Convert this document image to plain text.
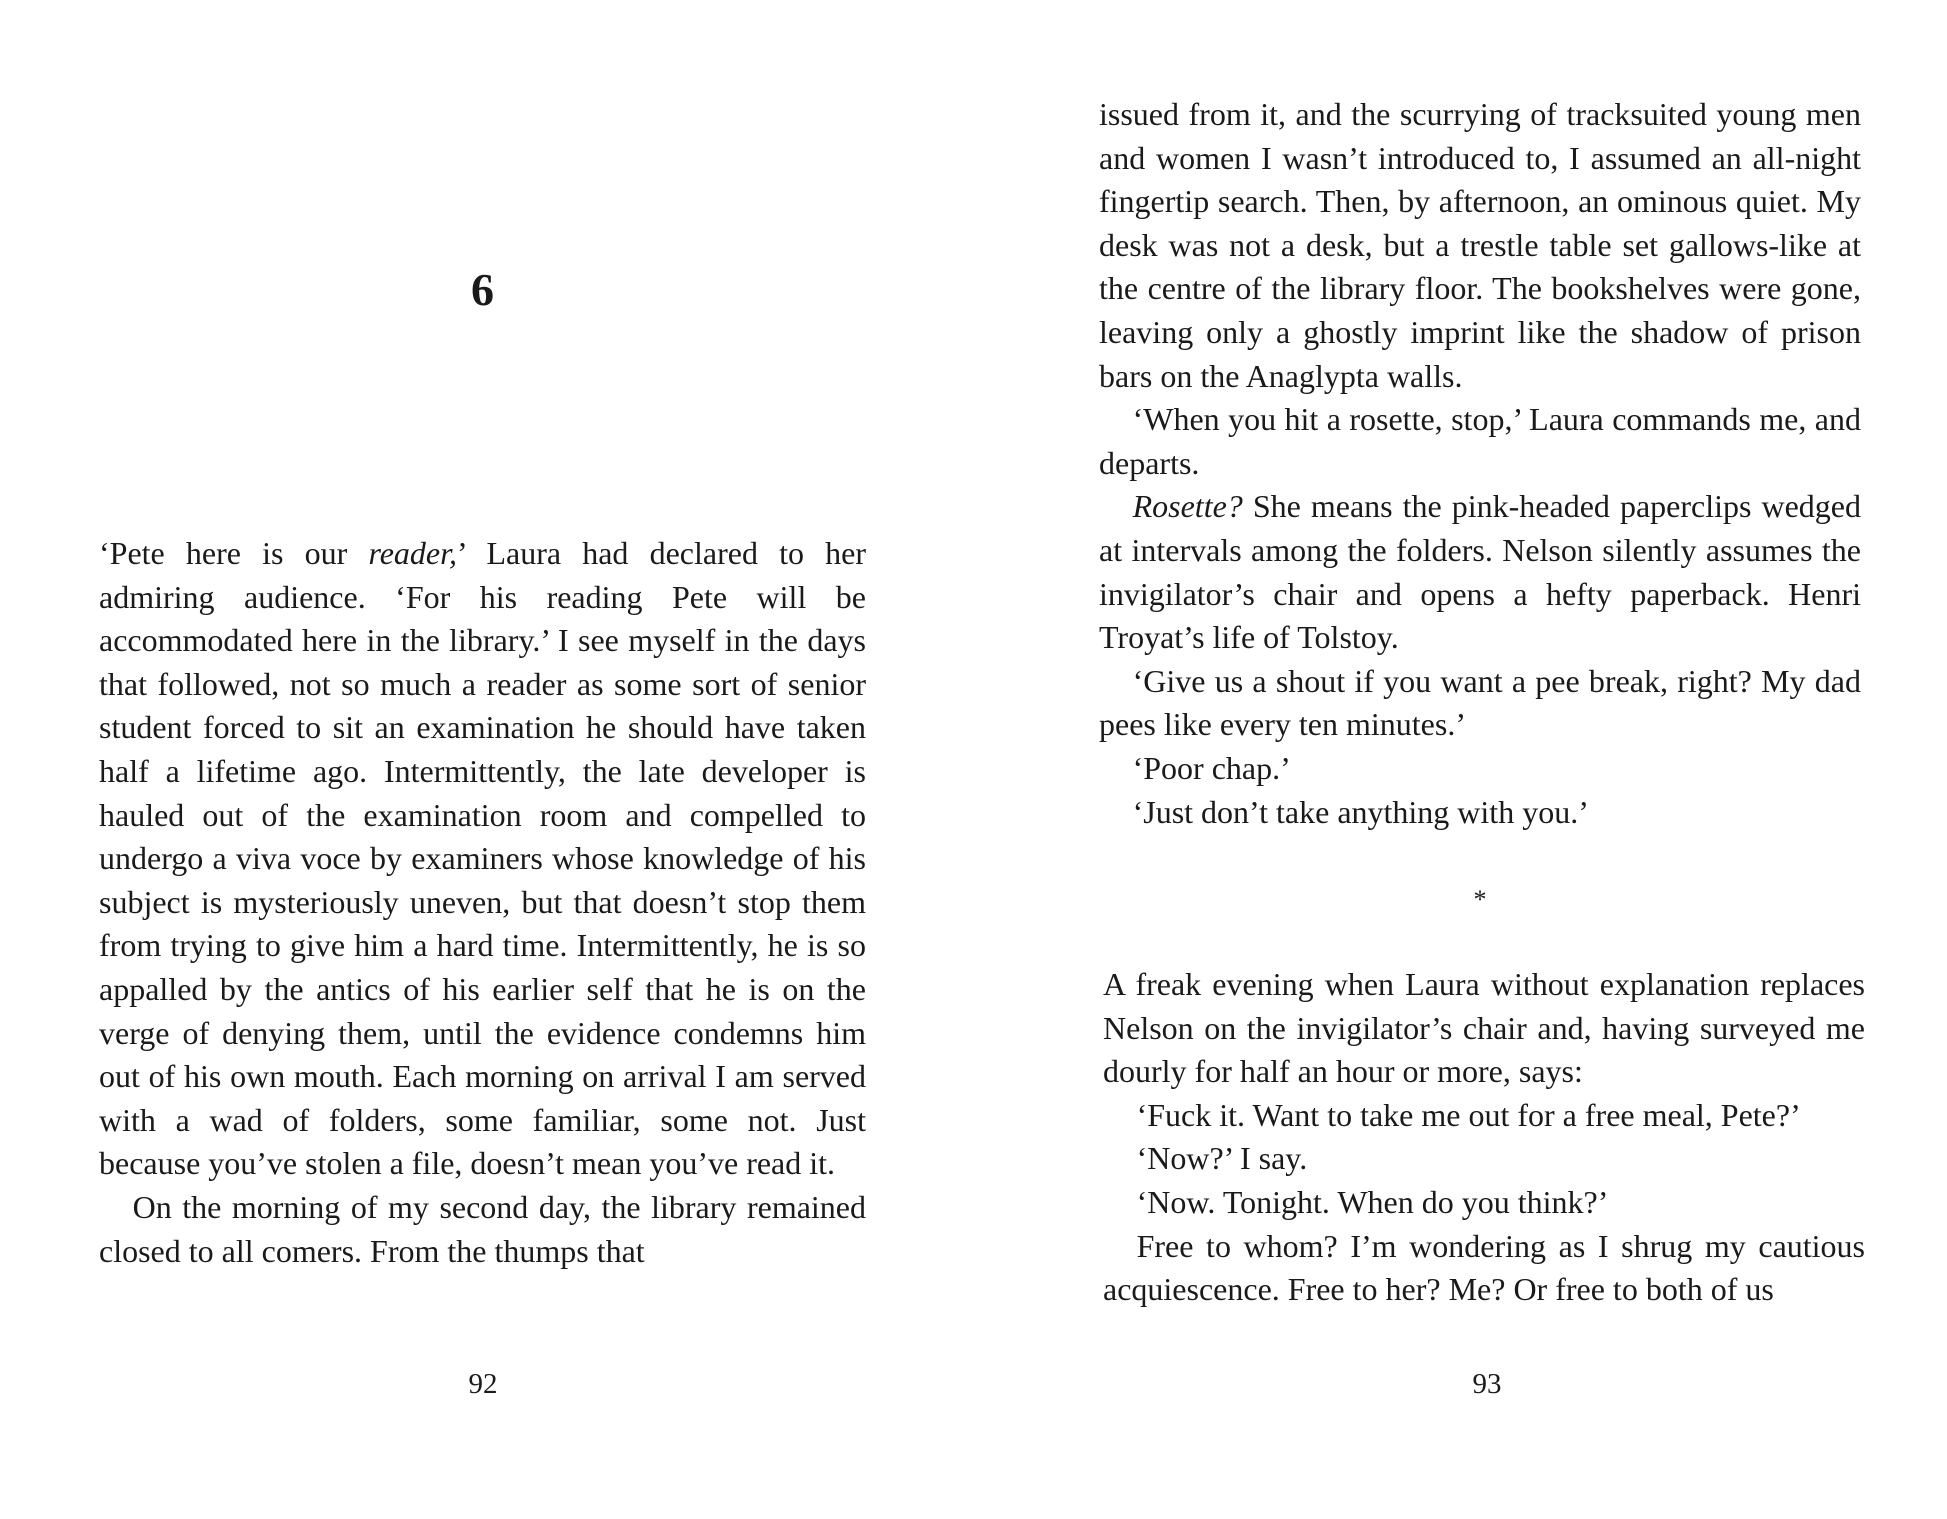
6

‘Pete here is our reader,’ Laura had declared to her admiring audience. ‘For his reading Pete will be accommodated here in the library.’ I see myself in the days that followed, not so much a reader as some sort of senior student forced to sit an examination he should have taken half a lifetime ago. Intermittently, the late developer is hauled out of the examination room and compelled to undergo a viva voce by examiners whose knowledge of his subject is mysteriously uneven, but that doesn’t stop them from trying to give him a hard time. Intermittently, he is so appalled by the antics of his earlier self that he is on the verge of denying them, until the evidence condemns him out of his own mouth. Each morning on arrival I am served with a wad of folders, some familiar, some not. Just because you’ve stolen a file, doesn’t mean you’ve read it.

On the morning of my second day, the library remained closed to all comers. From the thumps that

92

issued from it, and the scurrying of tracksuited young men and women I wasn’t introduced to, I assumed an all-night fingertip search. Then, by afternoon, an ominous quiet. My desk was not a desk, but a trestle table set gallows-like at the centre of the library floor. The bookshelves were gone, leaving only a ghostly imprint like the shadow of prison bars on the Anaglypta walls.

‘When you hit a rosette, stop,’ Laura commands me, and departs.

Rosette? She means the pink-headed paperclips wedged at intervals among the folders. Nelson silently assumes the invigilator’s chair and opens a hefty paperback. Henri Troyat’s life of Tolstoy.

‘Give us a shout if you want a pee break, right? My dad pees like every ten minutes.’

‘Poor chap.’

‘Just don’t take anything with you.’

*

A freak evening when Laura without explanation replaces Nelson on the invigilator’s chair and, having surveyed me dourly for half an hour or more, says:

‘Fuck it. Want to take me out for a free meal, Pete?’

‘Now?’ I say.

‘Now. Tonight. When do you think?’

Free to whom? I’m wondering as I shrug my cautious acquiescence. Free to her? Me? Or free to both of us

93
